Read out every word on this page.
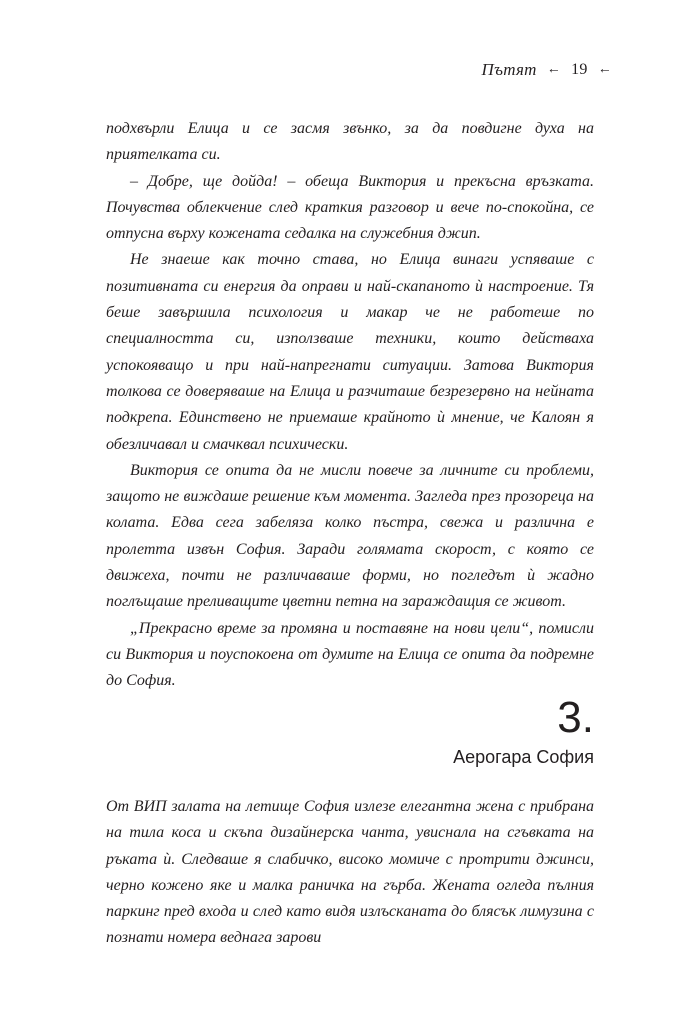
Пътят ← 19 ←

подхвърли Елица и се засмя звънко, за да повдигне духа на приятелката си.

– Добре, ще дойда! – обеща Виктория и прекъсна връзката. Почувства облекчение след краткия разговор и вече по-спокойна, се отпусна върху кожената седалка на служебния джип.

Не знаеше как точно става, но Елица винаги успяваше с позитивната си енергия да оправи и най-скапаното ѝ настроение. Тя беше завършила психология и макар че не работеше по специалността си, използваше техники, които действаха успокояващо и при най-напрегнати ситуации. Затова Виктория толкова се доверяваше на Елица и разчиташе безрезервно на нейната подкрепа. Единствено не приемаше крайното ѝ мнение, че Калоян я обезличавал и смачквал психически.

Виктория се опита да не мисли повече за личните си проблеми, защото не виждаше решение към момента. Загледа през прозореца на колата. Едва сега забеляза колко пъстра, свежа и различна е пролетта извън София. Заради голямата скорост, с която се движеха, почти не различаваше форми, но погледът ѝ жадно поглъщаше преливащите цветни петна на зараждащия се живот.

„Прекрасно време за промяна и поставяне на нови цели“, помисли си Виктория и поуспокоена от думите на Елица се опита да подремне до София.

3.
Аерогара София

От ВИП залата на летище София излезе елегантна жена с прибрана на тила коса и скъпа дизайнерска чанта, увиснала на сгъвката на ръката ѝ. Следваше я слабичко, високо момиче с протрити джинси, черно кожено яке и малка раничка на гърба. Жената огледа пълния паркинг пред входа и след като видя излъсканата до блясък лимузина с познати номера веднага зарови
